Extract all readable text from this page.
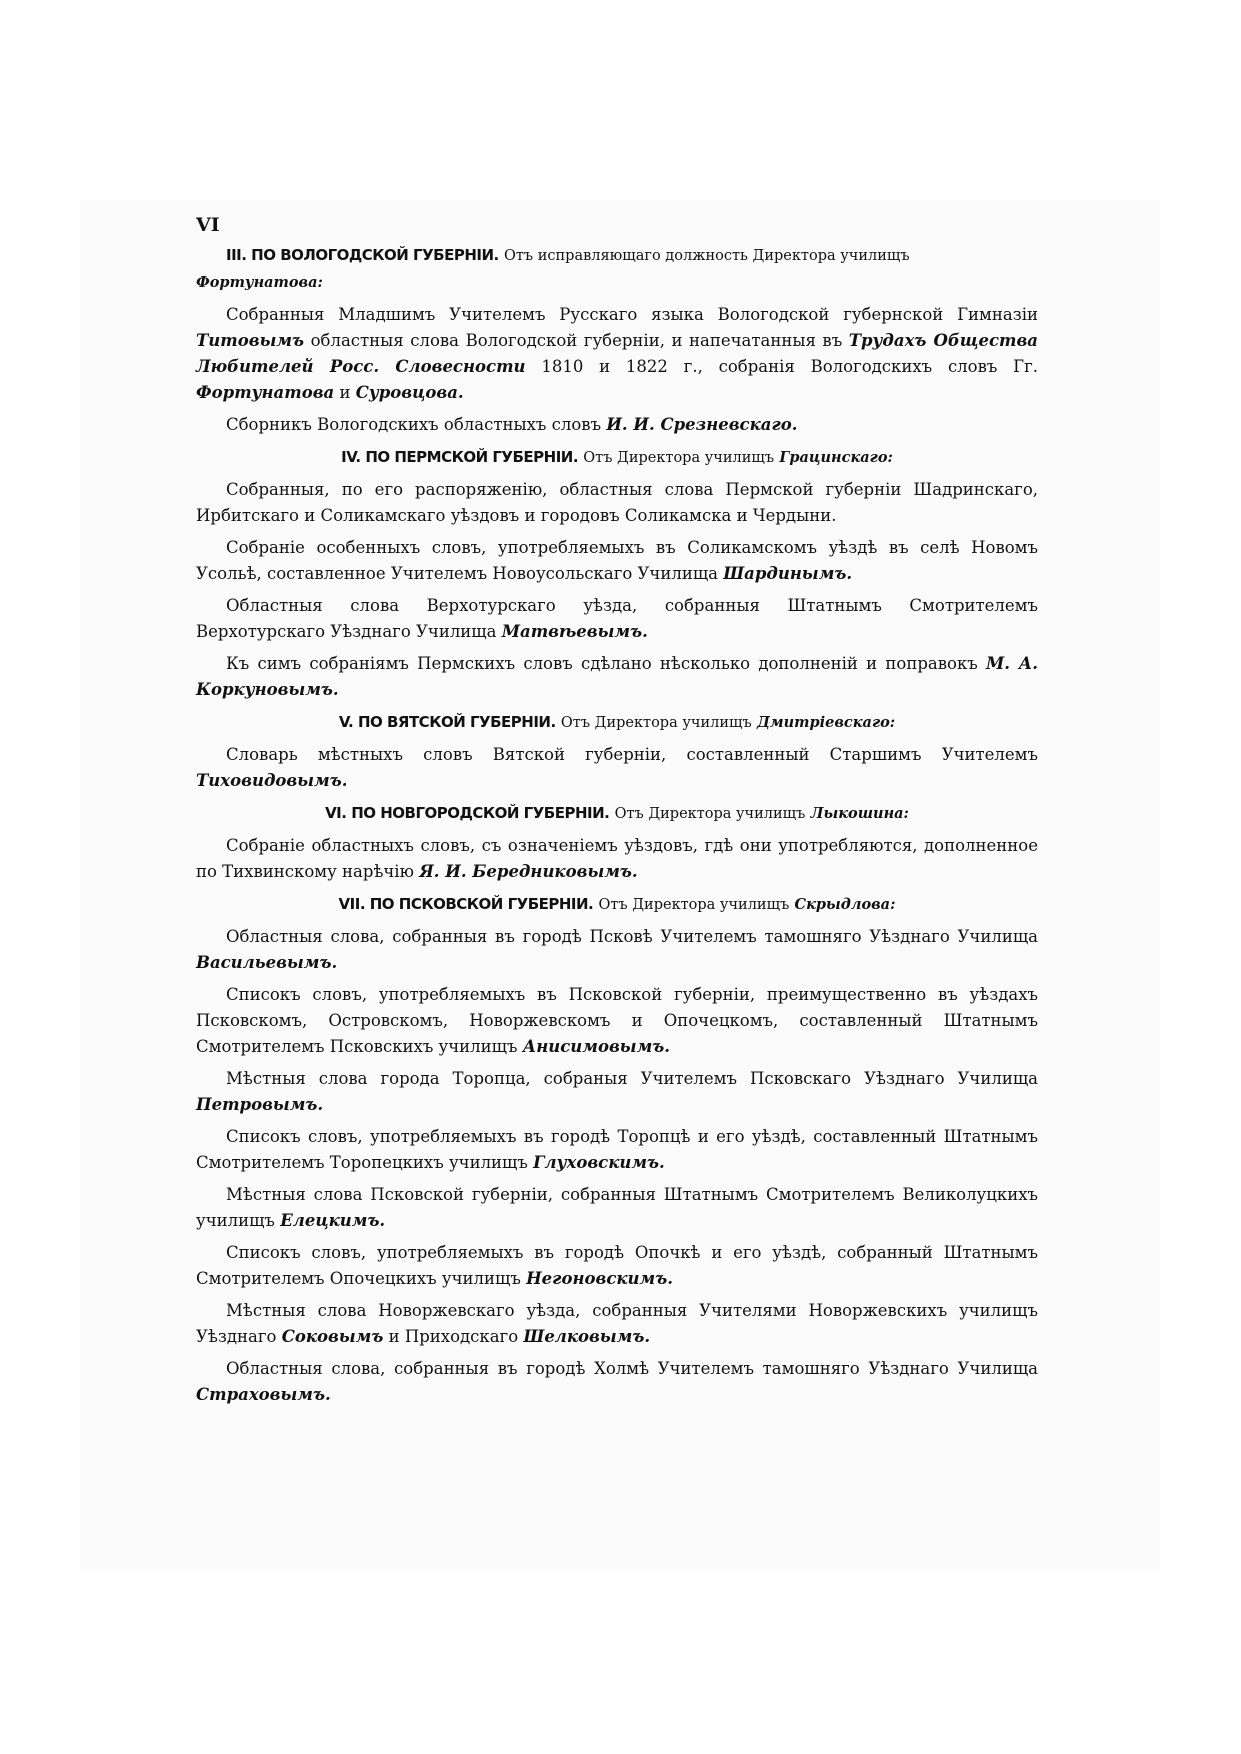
VI

III. ПО ВОЛОГОДСКОЙ ГУБЕРНІИ. Отъ исправляющаго должность Директора училищъ Фортунатова:

Собранныя Младшимъ Учителемъ Русскаго языка Вологодской губернской Гимназіи Титовымъ областныя слова Вологодской губерніи, и напечатанныя въ Трудахъ Общества Любителей Росс. Словесности 1810 и 1822 г., собранія Вологодскихъ словъ Гг. Фортунатова и Суровцова.

Сборникъ Вологодскихъ областныхъ словъ И. И. Срезневскаго.

IV. ПО ПЕРМСКОЙ ГУБЕРНІИ. Отъ Директора училищъ Грацинскаго:

Собранныя, по его распоряженію, областныя слова Пермской губерніи Шадринскаго, Ирбитскаго и Соликамскаго уѣздовъ и городовъ Соликамска и Чердыни.

Собраніе особенныхъ словъ, употребляемыхъ въ Соликамскомъ уѣздѣ въ селѣ Новомъ Усольѣ, составленное Учителемъ Новоусольскаго Училища Шардинымъ.

Областныя слова Верхотурскаго уѣзда, собранныя Штатнымъ Смотрителемъ Верхотурскаго Уѣзднаго Училища Матвѣевымъ.

Къ симъ собраніямъ Пермскихъ словъ сдѣлано нѣсколько дополненій и поправокъ М. А. Коркуновымъ.

V. ПО ВЯТСКОЙ ГУБЕРНІИ. Отъ Директора училищъ Дмитріевскаго:

Словарь мѣстныхъ словъ Вятской губерніи, составленный Старшимъ Учителемъ Тиховидовымъ.

VI. ПО НОВГОРОДСКОЙ ГУБЕРНІИ. Отъ Директора училищъ Лыкошина:

Собраніе областныхъ словъ, съ означеніемъ уѣздовъ, гдѣ они употребляются, дополненное по Тихвинскому нарѣчію Я. И. Бередниковымъ.

VII. ПО ПСКОВСКОЙ ГУБЕРНІИ. Отъ Директора училищъ Скрыдлова:

Областныя слова, собранныя въ городѣ Псковѣ Учителемъ тамошняго Уѣзднаго Училища Васильевымъ.

Списокъ словъ, употребляемыхъ въ Псковской губерніи, преимущественно въ уѣздахъ Псковскомъ, Островскомъ, Новоржевскомъ и Опочецкомъ, составленный Штатнымъ Смотрителемъ Псковскихъ училищъ Анисимовымъ.

Мѣстныя слова города Торопца, собраныя Учителемъ Псковскаго Уѣзднаго Училища Петровымъ.

Списокъ словъ, употребляемыхъ въ городѣ Торопцѣ и его уѣздѣ, составленный Штатнымъ Смотрителемъ Торопецкихъ училищъ Глуховскимъ.

Мѣстныя слова Псковской губерніи, собранныя Штатнымъ Смотрителемъ Великолуцкихъ училищъ Елецкимъ.

Списокъ словъ, употребляемыхъ въ городѣ Опочкѣ и его уѣздѣ, собранный Штатнымъ Смотрителемъ Опочецкихъ училищъ Негоновскимъ.

Мѣстныя слова Новоржевскаго уѣзда, собранныя Учителями Новоржевскихъ училищъ Уѣзднаго Соковымъ и Приходскаго Шелковымъ.

Областныя слова, собранныя въ городѣ Холмѣ Учителемъ тамошняго Уѣзднаго Училища Страховымъ.
